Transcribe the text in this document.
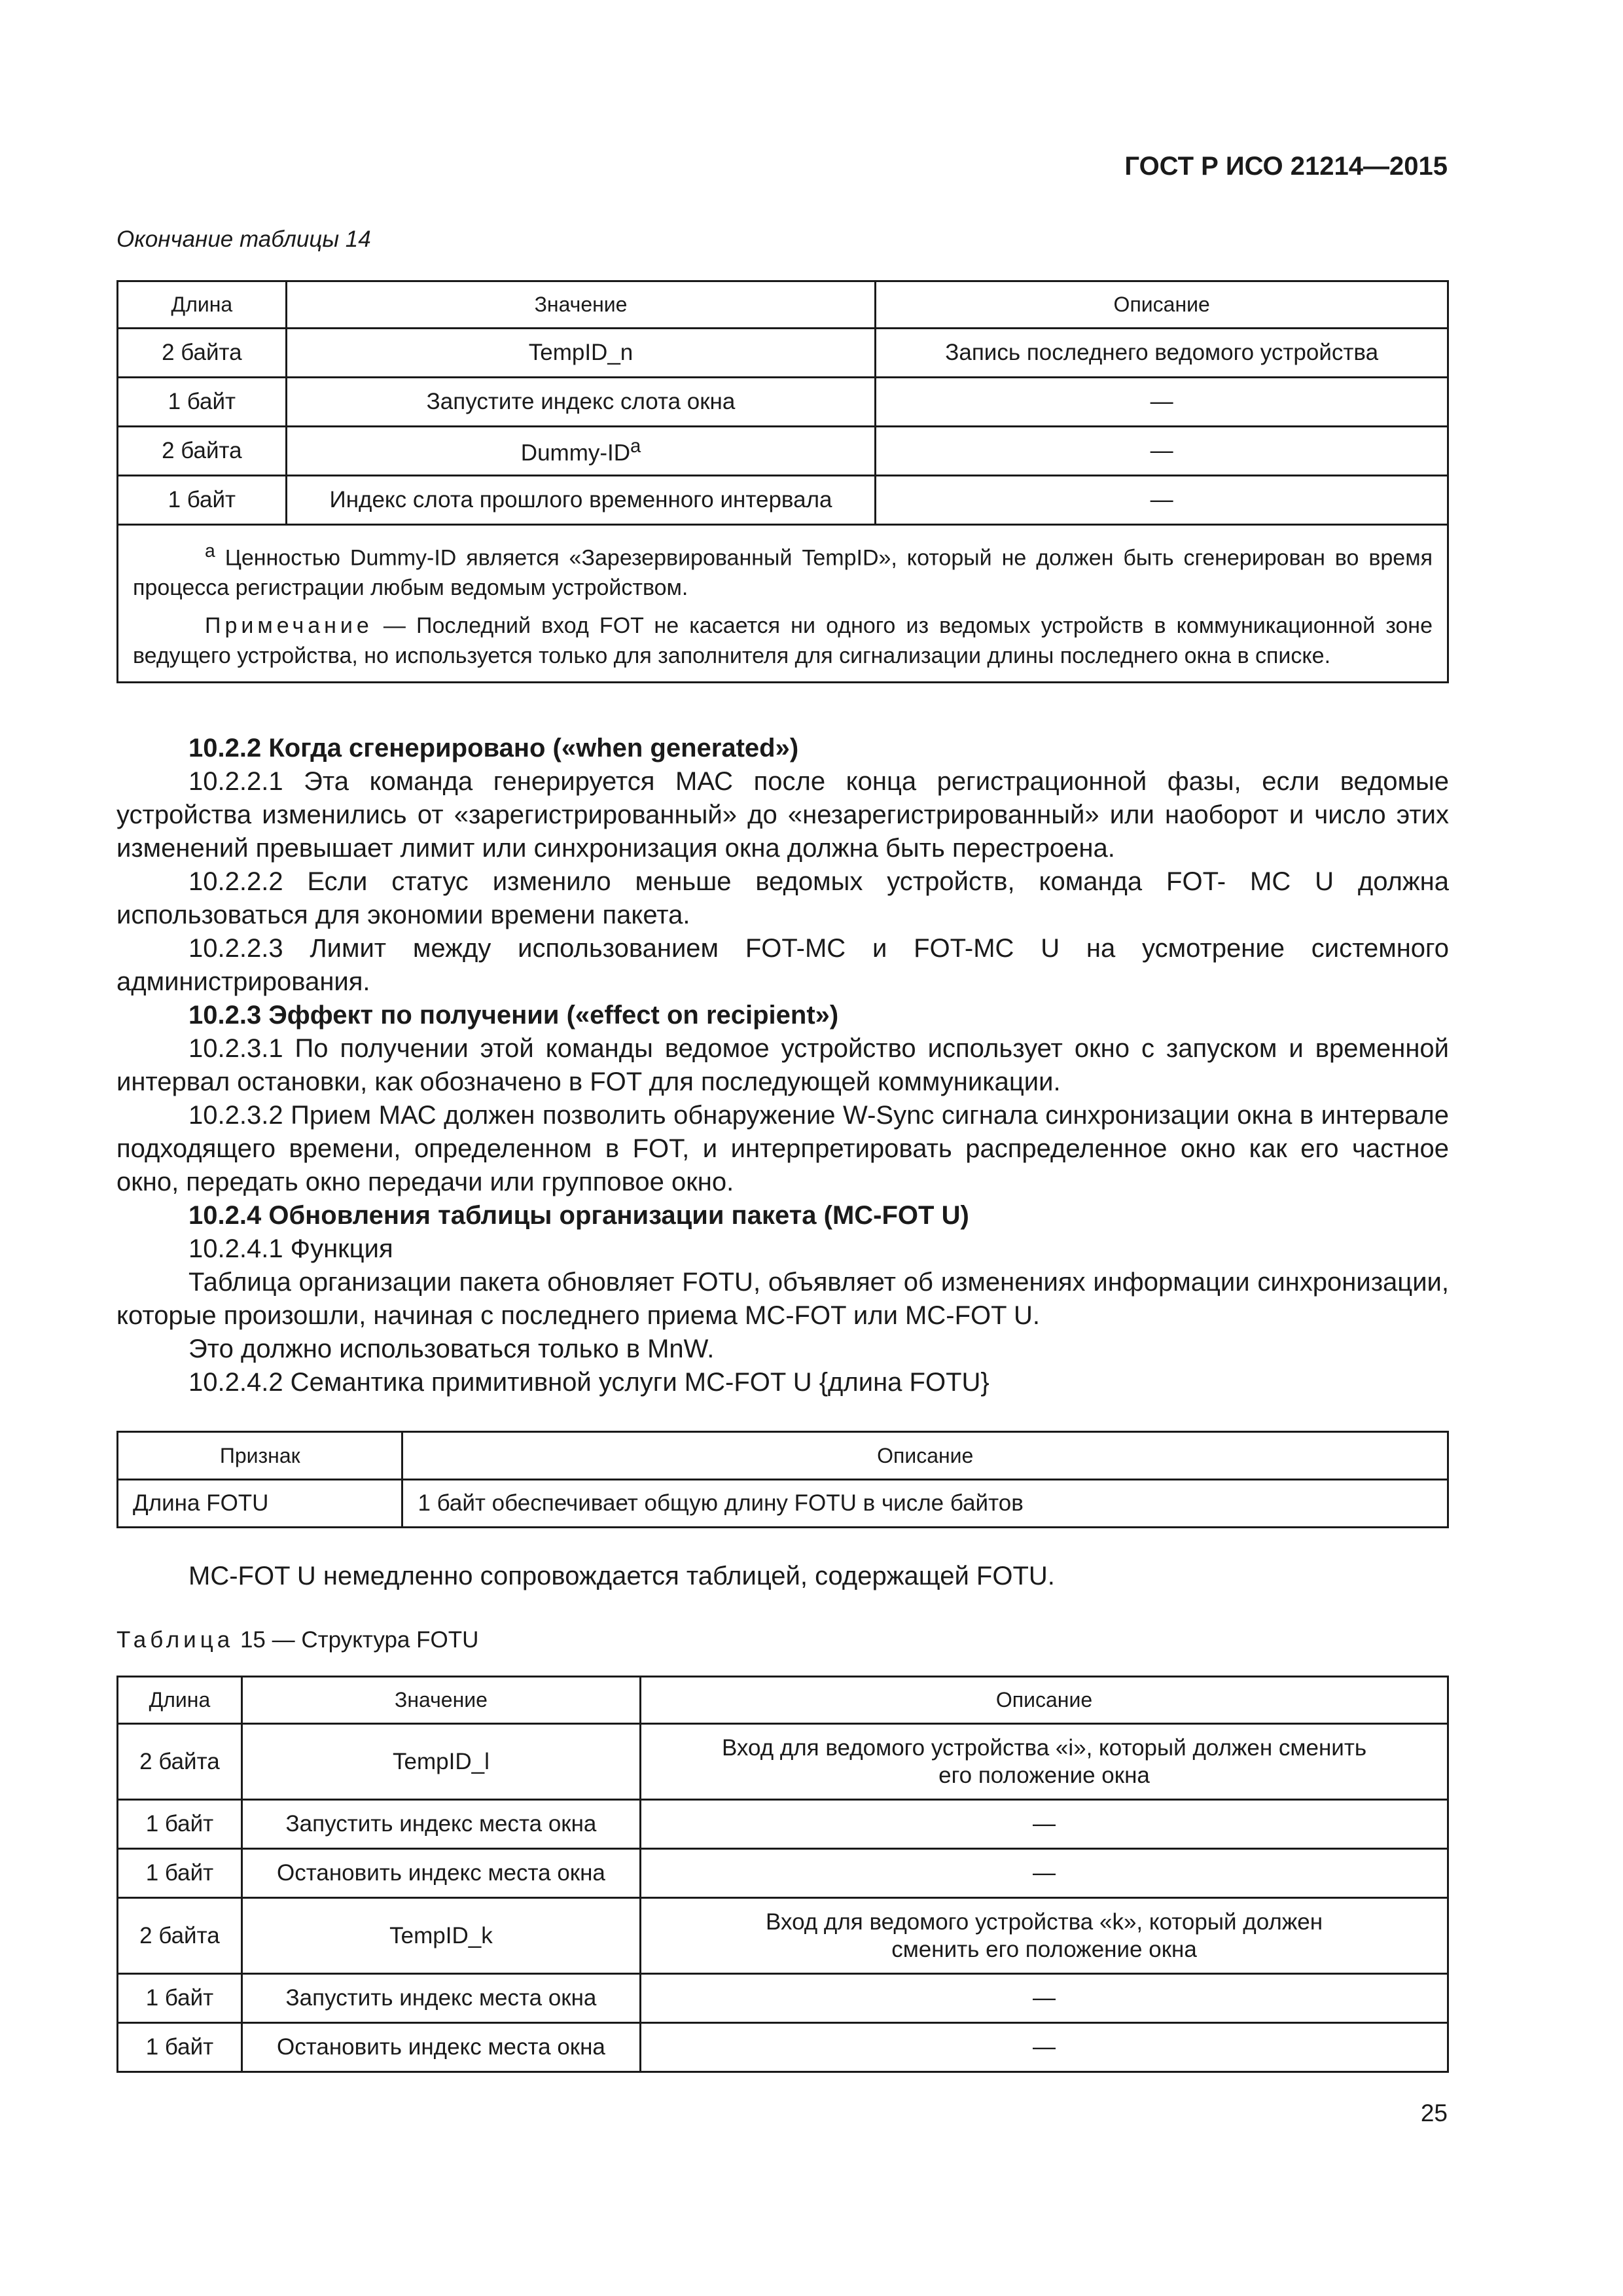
ГОСТ Р ИСО 21214—2015
Окончание таблицы 14
Длина	Значение	Описание
2 байта	TempID_n	Запись последнего ведомого устройства
1 байт	Запустите индекс слота окна	—
2 байта	Dummy-$ID^a$	—
1 байт	Индекс слота прошлого временного интервала	—

$^a$ Ценностью Dummy-ID является «Зарезервированный TempID», который не должен быть сгенерирован во время процесса регистрации любым ведомым устройством.

Примечание — Последний вход FOT не касается ни одного из ведомых устройств в коммуникационной зоне ведущего устройства, но используется только для заполнителя для сигнализации длины последнего окна в списке.		

10.2.2 Когда сгенерировано («when generated»)

10.2.2.1 Эта команда генерируется МАС после конца регистрационной фазы, если ведомые устройства изменились от «зарегистрированный» до «незарегистрированный» или наоборот и число этих изменений превышает лимит или синхронизация окна должна быть перестроена.

10.2.2.2 Если статус изменило меньше ведомых устройств, команда FOT- MC U должна использоваться для экономии времени пакета.

10.2.2.3 Лимит между использованием FOT-MC и FOT-MC U на усмотрение системного администрирования.

10.2.3 Эффект по получении («effect on recipient»)

10.2.3.1 По получении этой команды ведомое устройство использует окно с запуском и временной интервал остановки, как обозначено в FOT для последующей коммуникации.

10.2.3.2 Прием МАС должен позволить обнаружение W-Sync сигнала синхронизации окна в интервале подходящего времени, определенном в FOT, и интерпретировать распределенное окно как его частное окно, передать окно передачи или групповое окно.

10.2.4 Обновления таблицы организации пакета (MC-FOT U)

10.2.4.1 Функция

Таблица организации пакета обновляет FOTU, объявляет об изменениях информации синхронизации, которые произошли, начиная с последнего приема MC-FOT или MC-FOT U.

Это должно использоваться только в MnW.

10.2.4.2 Семантика примитивной услуги MC-FOT U {длина FOTU}

Признак	Описание
Длина FOTU	1 байт обеспечивает общую длину FOTU в числе байтов
MC-FOT U немедленно сопровождается таблицей, содержащей FOTU.
Таблица 15 — Структура FOTU
Длина	Значение	Описание
2 байта	TempID_l	Вход для ведомого устройства «i», который должен сменить
его положение окна

1 байт	Запустить индекс места окна	—
1 байт	Остановить индекс места окна	—
2 байта	TempID_k	Вход для ведомого устройства «k», который должен
сменить его положение окна

1 байт	Запустить индекс места окна	—
1 байт	Остановить индекс места окна	—
25
